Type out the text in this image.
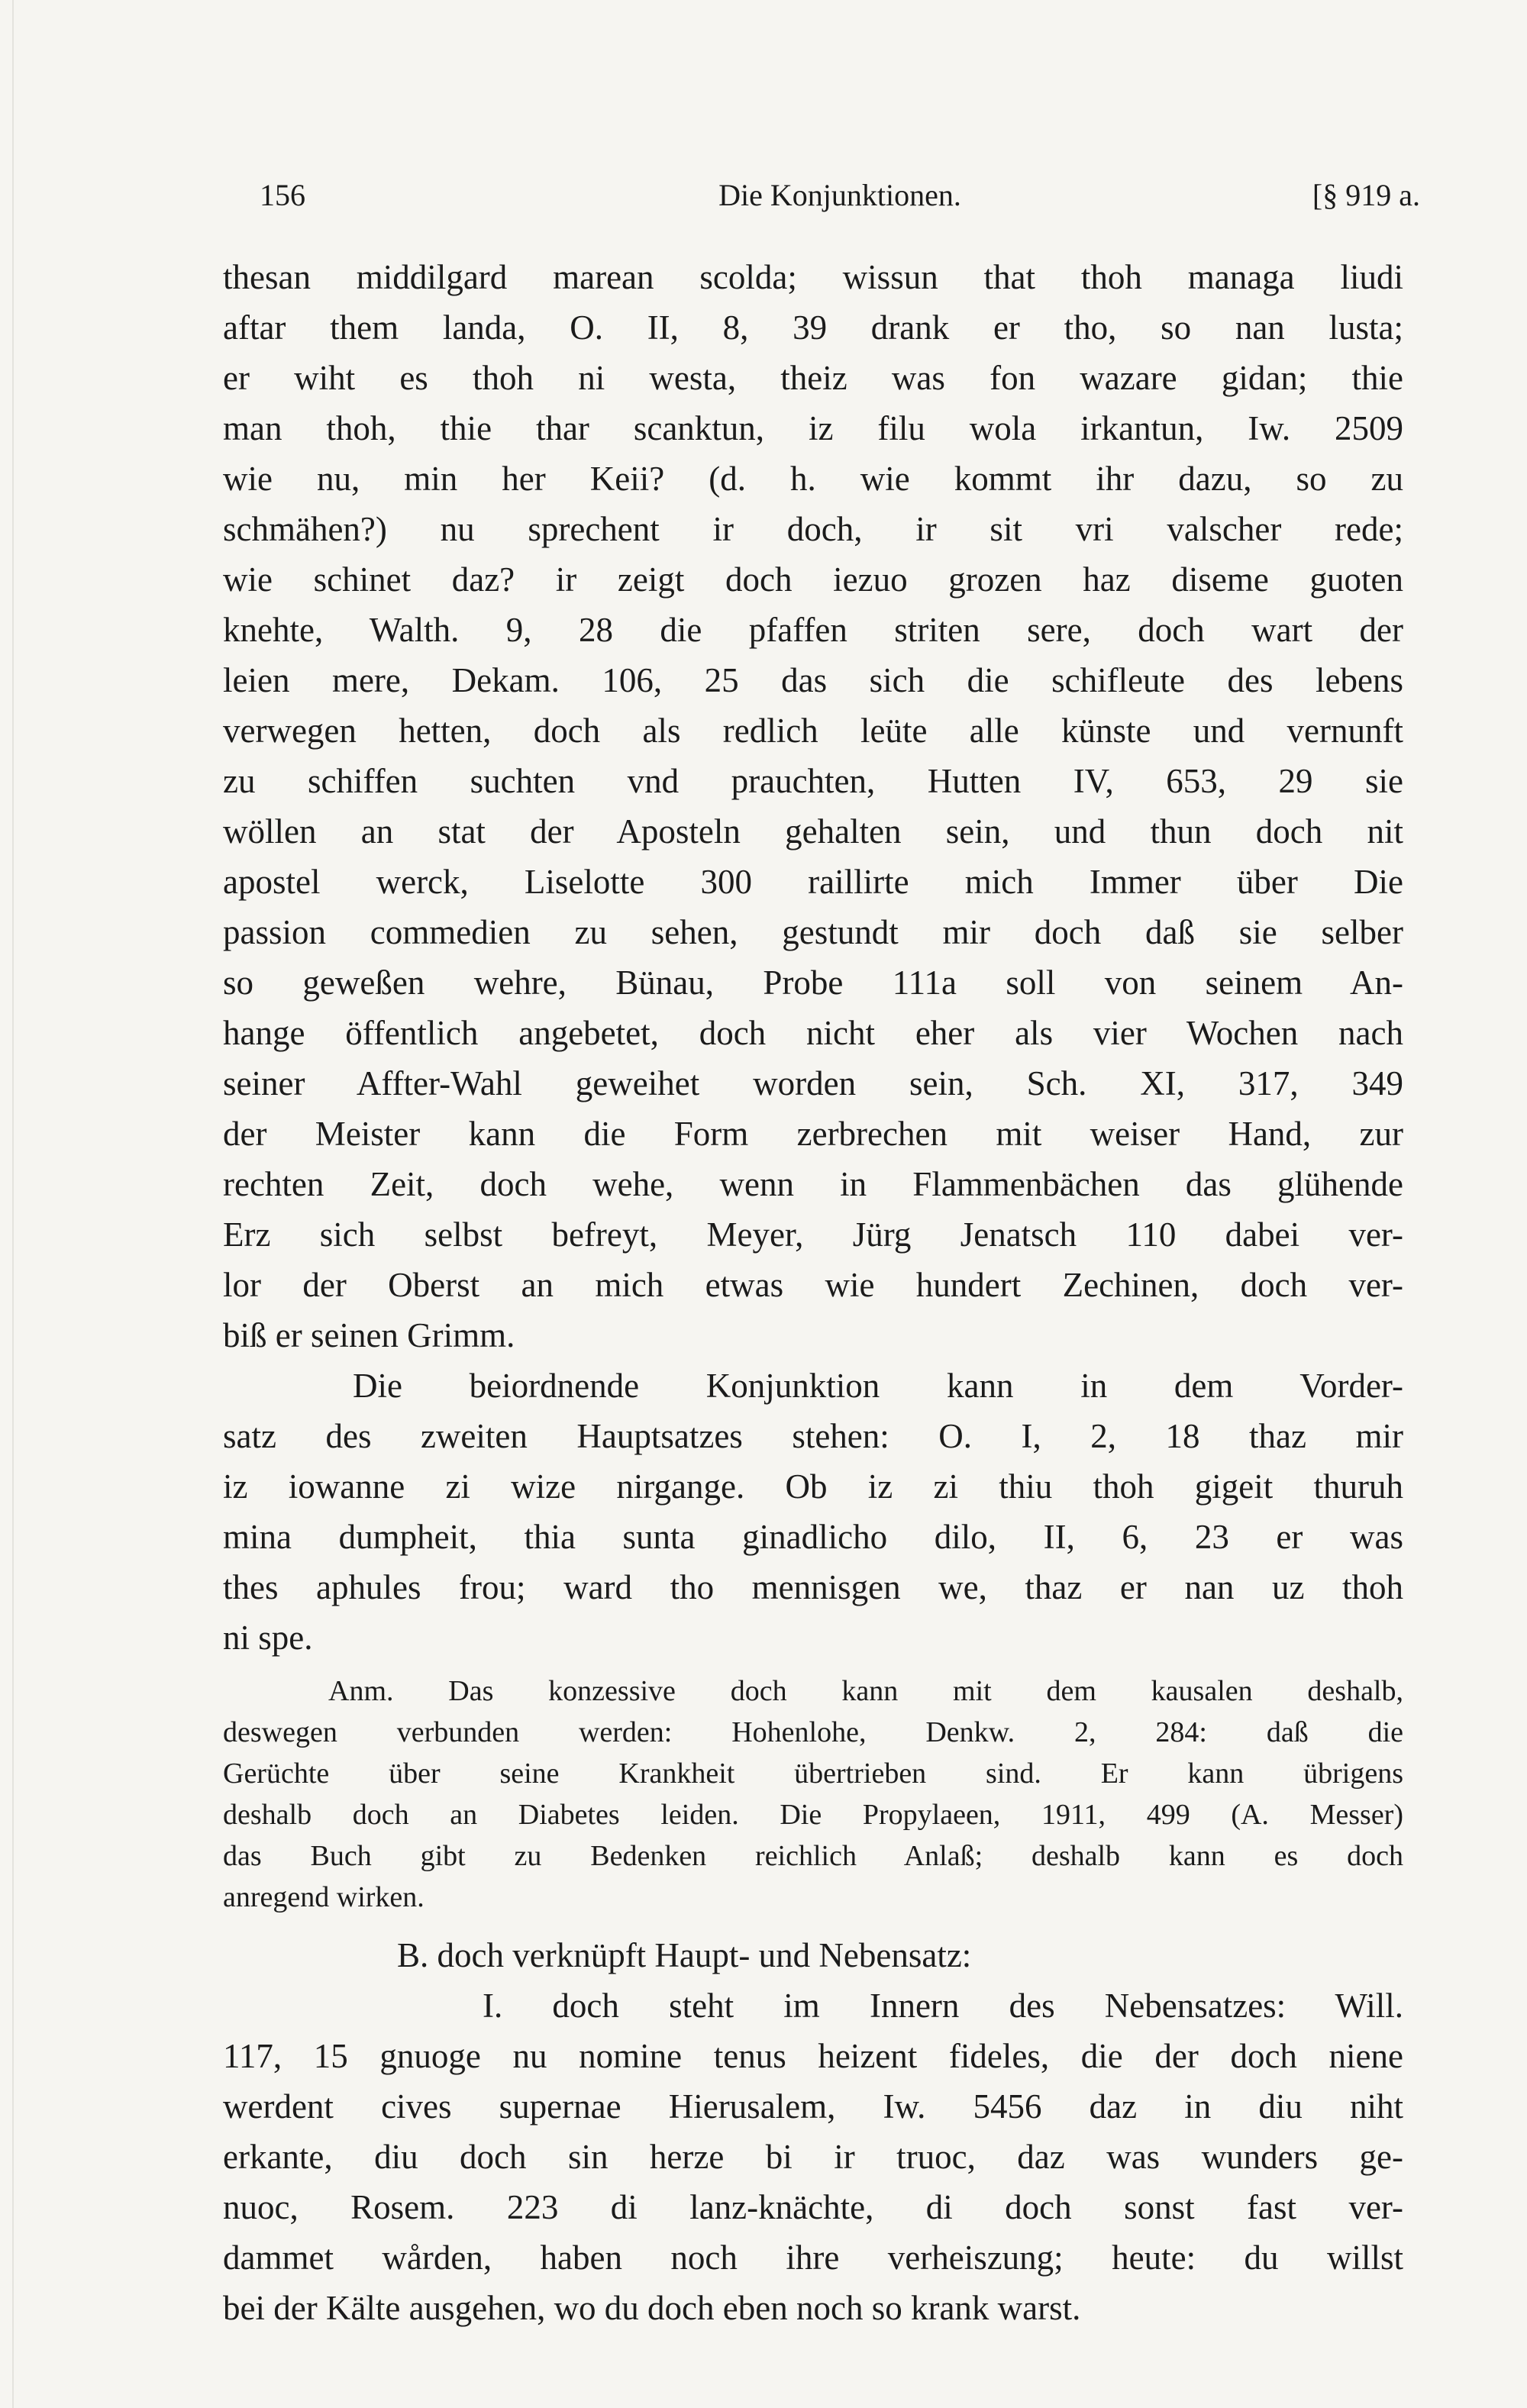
156	Die Konjunktionen.	[§ 919 a.
thesan middilgard marean scolda; wissun that thoh managa liudi
aftar them landa, O. II, 8, 39 drank er tho, so nan lusta;
er wiht es thoh ni westa, theiz was fon wazare gidan; thie
man thoh, thie thar scanktun, iz filu wola irkantun, Iw. 2509
wie nu, min her Keii? (d. h. wie kommt ihr dazu, so zu
schmähen?) nu sprechent ir doch, ir sit vri valscher rede;
wie schinet daz? ir zeigt doch iezuo grozen haz diseme guoten
knehte, Walth. 9, 28 die pfaffen striten sere, doch wart der
leien mere, Dekam. 106, 25 das sich die schifleute des lebens
verwegen hetten, doch als redlich leüte alle künste und vernunft
zu schiffen suchten vnd prauchten, Hutten IV, 653, 29 sie
wöllen an stat der Aposteln gehalten sein, und thun doch nit
apostel werck, Liselotte 300 raillirte mich Immer über Die
passion commedien zu sehen, gestundt mir doch daß sie selber
so geweßen wehre, Bünau, Probe 111a soll von seinem An-
hange öffentlich angebetet, doch nicht eher als vier Wochen nach
seiner Affter-Wahl geweihet worden sein, Sch. XI, 317, 349
der Meister kann die Form zerbrechen mit weiser Hand, zur
rechten Zeit, doch wehe, wenn in Flammenbächen das glühende
Erz sich selbst befreyt, Meyer, Jürg Jenatsch 110 dabei ver-
lor der Oberst an mich etwas wie hundert Zechinen, doch ver-
biß er seinen Grimm.
Die beiordnende Konjunktion kann in dem Vorder-
satz des zweiten Hauptsatzes stehen: O. I, 2, 18 thaz mir
iz iowanne zi wize nirgange. Ob iz zi thiu thoh gigeit thuruh
mina dumpheit, thia sunta ginadlicho dilo, II, 6, 23 er was
thes aphules frou; ward tho mennisgen we, thaz er nan uz thoh
ni spe.
Anm. Das konzessive doch kann mit dem kausalen deshalb,
deswegen verbunden werden: Hohenlohe, Denkw. 2, 284: daß die
Gerüchte über seine Krankheit übertrieben sind. Er kann übrigens
deshalb doch an Diabetes leiden. Die Propylaeen, 1911, 499 (A. Messer)
das Buch gibt zu Bedenken reichlich Anlaß; deshalb kann es doch
anregend wirken.
B. doch verknüpft Haupt- und Nebensatz:
I. doch steht im Innern des Nebensatzes: Will.
117, 15 gnuoge nu nomine tenus heizent fideles, die der doch niene
werdent cives supernae Hierusalem, Iw. 5456 daz in diu niht
erkante, diu doch sin herze bi ir truoc, daz was wunders ge-
nuoc, Rosem. 223 di lanz-knächte, di doch sonst fast ver-
dammet wården, haben noch ihre verheiszung; heute: du willst
bei der Kälte ausgehen, wo du doch eben noch so krank warst.
